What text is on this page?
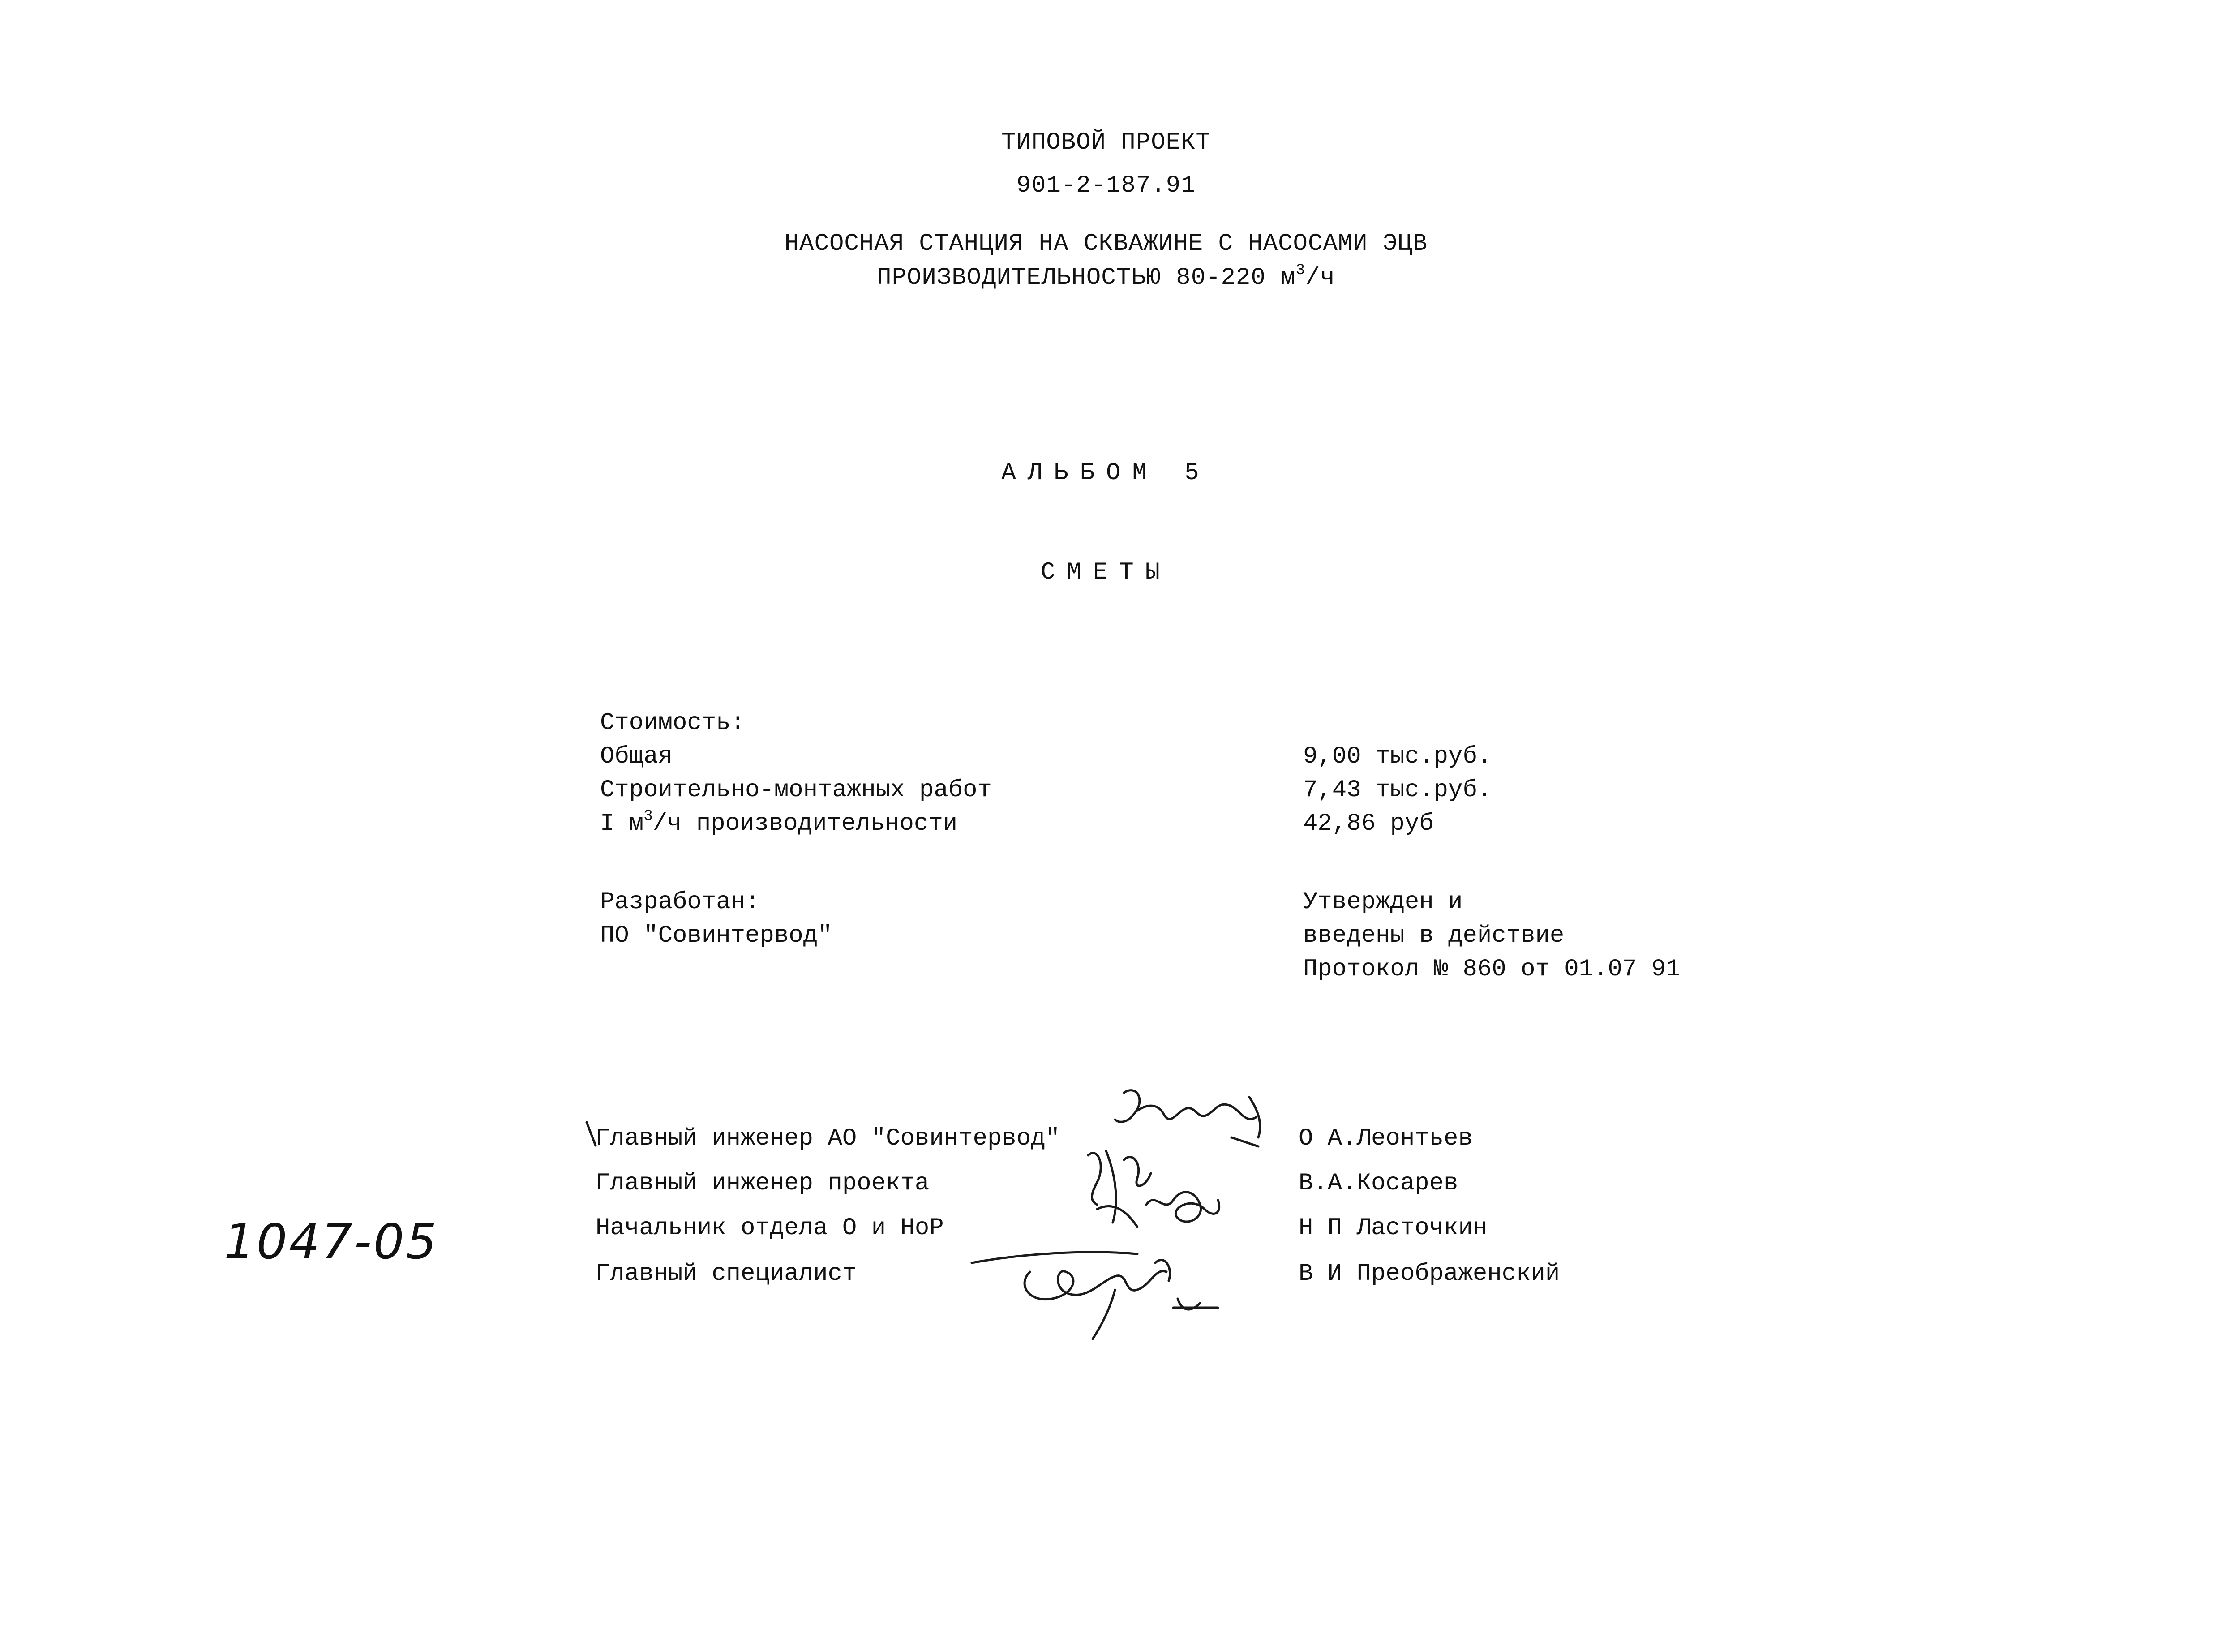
ТИПОВОЙ ПРОЕКТ
901-2-187.91
НАСОСНАЯ СТАНЦИЯ НА СКВАЖИНЕ С НАСОСАМИ ЭЦВ
ПРОИЗВОДИТЕЛЬНОСТЬЮ 80-220 $м^3/ч$
АЛЬБОМ 5
СМЕТЫ
Стоимость:
Общая	9,00 тыс.руб.
Строительно-монтажных работ	7,43 тыс.руб.
I $м^3/ч$ производительности	42,86 руб
Разработан:
ПО "Совинтервод"
Утвержден и
введены в действие
Протокол № 860 от 01.07 91
Главный инженер АО "Совинтервод"	О А.Леонтьев
Главный инженер проекта	В.А.Косарев
Начальник отдела О и НоР	Н П Ласточкин
Главный специалист	В И Преображенский
1047-05
